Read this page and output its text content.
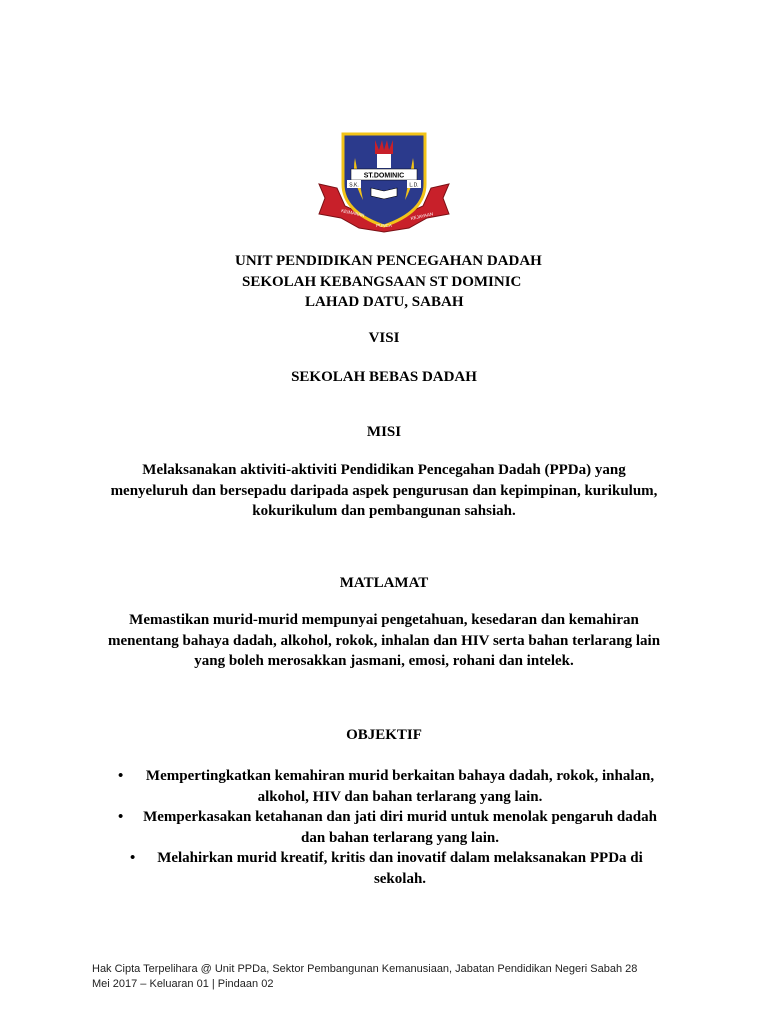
ST.DOMINIC
S.K.	L.D.
KEIMANAN
PUNCA
KEJAYAAN
UNIT PENDIDIKAN PENCEGAHAN DADAH
SEKOLAH KEBANGSAAN ST DOMINIC
LAHAD DATU, SABAH
VISI
SEKOLAH BEBAS DADAH
MISI
Melaksanakan aktiviti-aktiviti Pendidikan Pencegahan Dadah (PPDa) yang
menyeluruh dan bersepadu daripada aspek pengurusan dan kepimpinan, kurikulum,
kokurikulum dan pembangunan sahsiah.
MATLAMAT
Memastikan murid-murid mempunyai pengetahuan, kesedaran dan kemahiran
menentang bahaya dadah, alkohol, rokok, inhalan dan HIV serta bahan terlarang lain
yang boleh merosakkan jasmani, emosi, rohani dan intelek.
OBJEKTIF
•	Mempertingkatkan kemahiran murid berkaitan bahaya dadah, rokok, inhalan,
alkohol, HIV dan bahan terlarang yang lain.
•	Memperkasakan ketahanan dan jati diri murid untuk menolak pengaruh dadah
dan bahan terlarang yang lain.
•	Melahirkan murid kreatif, kritis dan inovatif dalam melaksanakan PPDa di
sekolah.
Hak Cipta Terpelihara @ Unit PPDa, Sektor Pembangunan Kemanusiaan, Jabatan Pendidikan Negeri Sabah 28
Mei 2017 – Keluaran 01 | Pindaan 02
